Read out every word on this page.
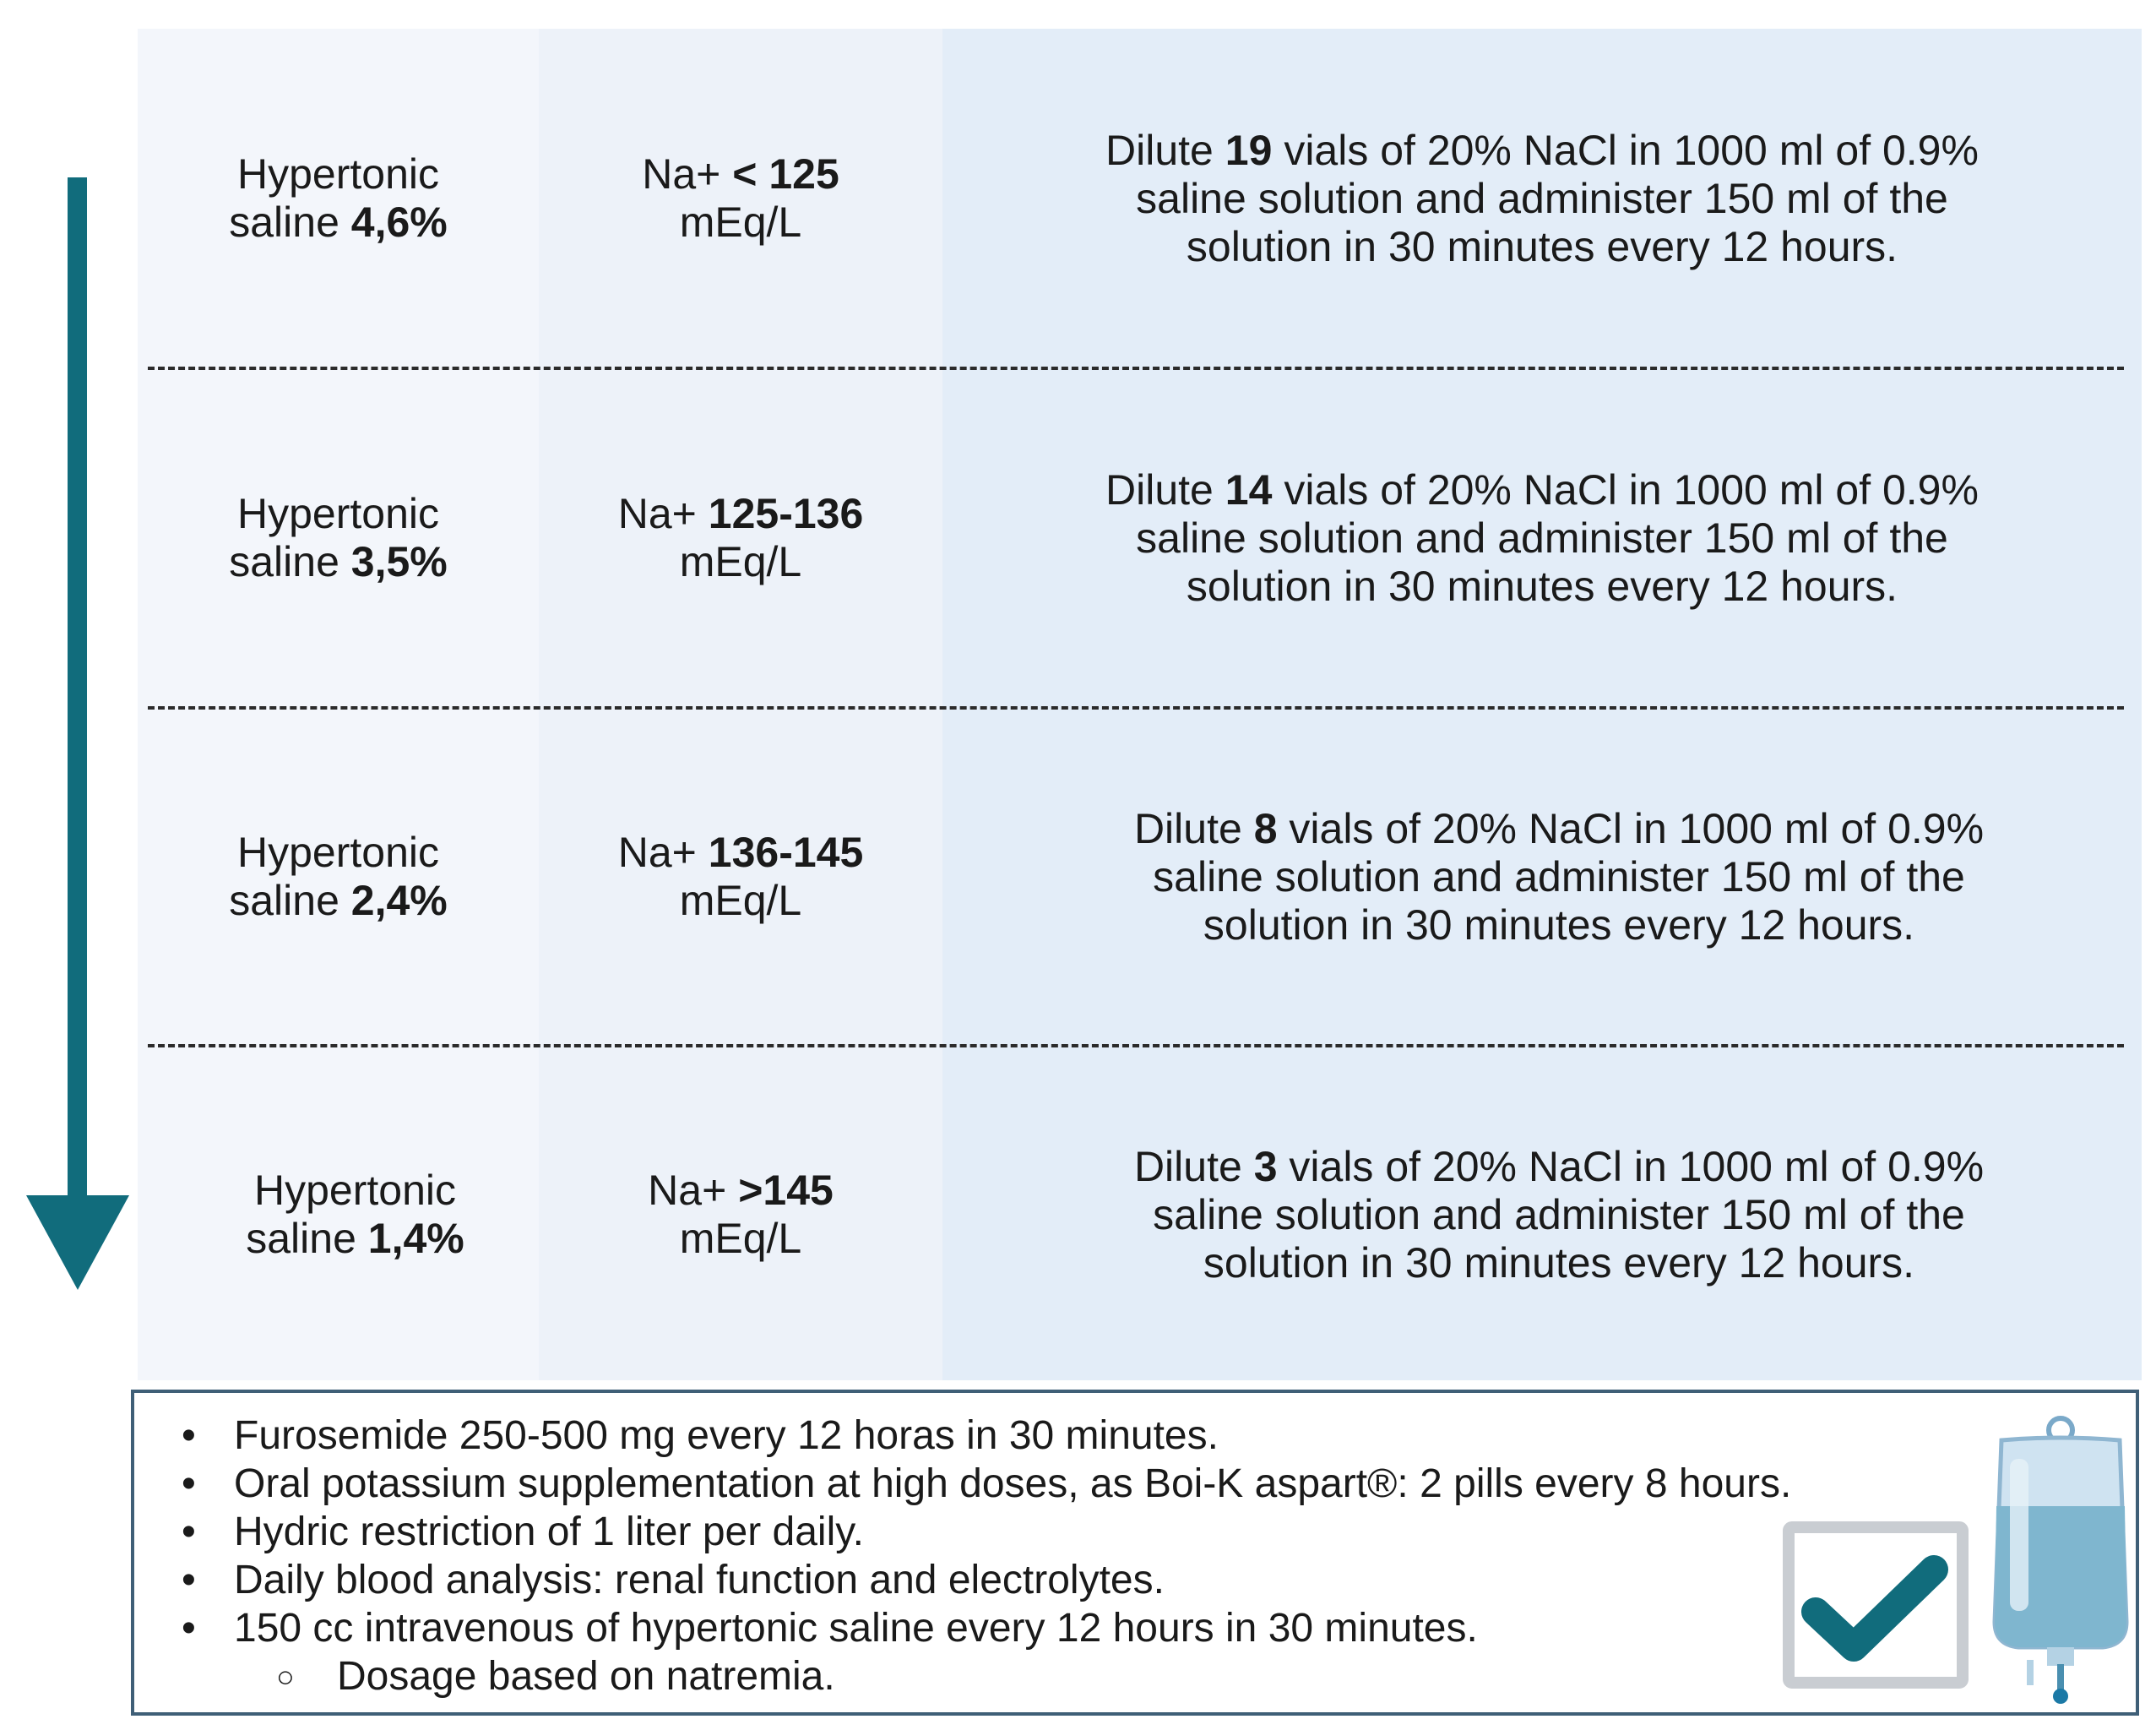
Hypertonic saline 4,6%
Na+ < 125
mEq/L
Dilute 19 vials of 20% NaCl in 1000 ml of 0.9% saline solution and administer 150 ml of the solution in 30 minutes every 12 hours.
Hypertonic saline 3,5%
Na+ 125-136
mEq/L
Dilute 14 vials of 20% NaCl in 1000 ml of 0.9% saline solution and administer 150 ml of the solution in 30 minutes every 12 hours.
Hypertonic saline 2,4%
Na+ 136-145
mEq/L
Dilute 8 vials of 20% NaCl in 1000 ml of 0.9% saline solution and administer 150 ml of the solution in 30 minutes every 12 hours.
Hypertonic saline 1,4%
Na+ >145
mEq/L
Dilute 3 vials of 20% NaCl in 1000 ml of 0.9% saline solution and administer 150 ml of the solution in 30 minutes every 12 hours.
• Furosemide 250-500 mg every 12 horas in 30 minutes.
• Oral potassium supplementation at high doses, as Boi-K aspart®: 2 pills every 8 hours.
• Hydric restriction of 1 liter per daily.
• Daily blood analysis: renal function and electrolytes.
• 150 cc intravenous of hypertonic saline every 12 hours in 30 minutes.
○ Dosage based on natremia.
